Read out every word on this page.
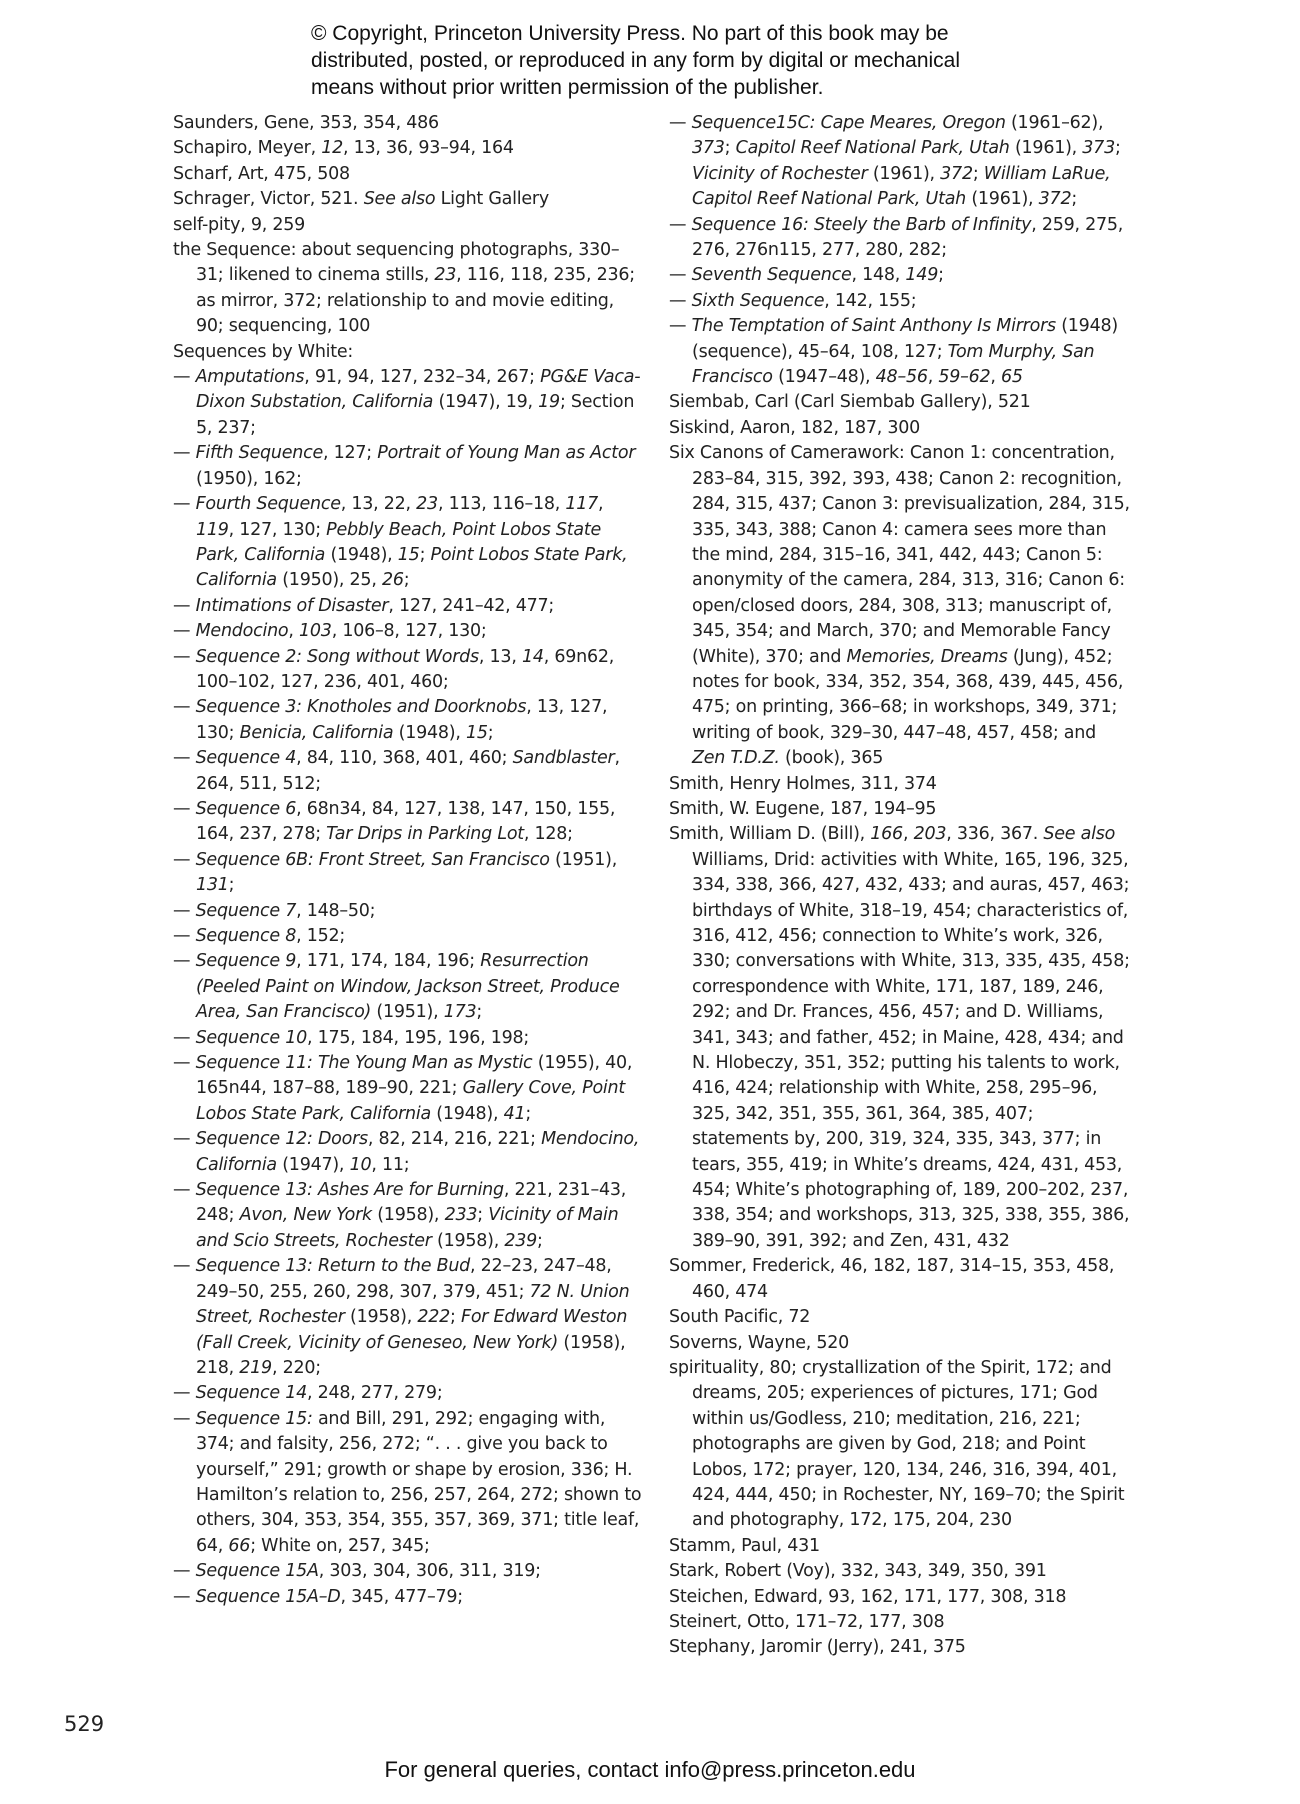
© Copyright, Princeton University Press. No part of this book may be distributed, posted, or reproduced in any form by digital or mechanical means without prior written permission of the publisher.

Saunders, Gene, 353, 354, 486

Schapiro, Meyer, 12, 13, 36, 93–94, 164

Scharf, Art, 475, 508

Schrager, Victor, 521. See also Light Gallery

self-pity, 9, 259

the Sequence: about sequencing photographs, 330–31; likened to cinema stills, 23, 116, 118, 235, 236; as mirror, 372; relationship to and movie editing, 90; sequencing, 100

Sequences by White:

— Amputations, 91, 94, 127, 232–34, 267; PG&E Vaca-Dixon Substation, California (1947), 19, 19; Section 5, 237;

— Fifth Sequence, 127; Portrait of Young Man as Actor (1950), 162;

— Fourth Sequence, 13, 22, 23, 113, 116–18, 117, 119, 127, 130; Pebbly Beach, Point Lobos State Park, California (1948), 15; Point Lobos State Park, California (1950), 25, 26;

— Intimations of Disaster, 127, 241–42, 477;

— Mendocino, 103, 106–8, 127, 130;

— Sequence 2: Song without Words, 13, 14, 69n62, 100–102, 127, 236, 401, 460;

— Sequence 3: Knotholes and Doorknobs, 13, 127, 130; Benicia, California (1948), 15;

— Sequence 4, 84, 110, 368, 401, 460; Sandblaster, 264, 511, 512;

— Sequence 6, 68n34, 84, 127, 138, 147, 150, 155, 164, 237, 278; Tar Drips in Parking Lot, 128;

— Sequence 6B: Front Street, San Francisco (1951), 131;

— Sequence 7, 148–50;

— Sequence 8, 152;

— Sequence 9, 171, 174, 184, 196; Resurrection (Peeled Paint on Window, Jackson Street, Produce Area, San Francisco) (1951), 173;

— Sequence 10, 175, 184, 195, 196, 198;

— Sequence 11: The Young Man as Mystic (1955), 40, 165n44, 187–88, 189–90, 221; Gallery Cove, Point Lobos State Park, California (1948), 41;

— Sequence 12: Doors, 82, 214, 216, 221; Mendocino, California (1947), 10, 11;

— Sequence 13: Ashes Are for Burning, 221, 231–43, 248; Avon, New York (1958), 233; Vicinity of Main and Scio Streets, Rochester (1958), 239;

— Sequence 13: Return to the Bud, 22–23, 247–48, 249–50, 255, 260, 298, 307, 379, 451; 72 N. Union Street, Rochester (1958), 222; For Edward Weston (Fall Creek, Vicinity of Geneseo, New York) (1958), 218, 219, 220;

— Sequence 14, 248, 277, 279;

— Sequence 15: and Bill, 291, 292; engaging with, 374; and falsity, 256, 272; “. . . give you back to yourself,” 291; growth or shape by erosion, 336; H. Hamilton’s relation to, 256, 257, 264, 272; shown to others, 304, 353, 354, 355, 357, 369, 371; title leaf, 64, 66; White on, 257, 345;

— Sequence 15A, 303, 304, 306, 311, 319;

— Sequence 15A–D, 345, 477–79;

— Sequence15C: Cape Meares, Oregon (1961–62), 373; Capitol Reef National Park, Utah (1961), 373; Vicinity of Rochester (1961), 372; William LaRue, Capitol Reef National Park, Utah (1961), 372;

— Sequence 16: Steely the Barb of Infinity, 259, 275, 276, 276n115, 277, 280, 282;

— Seventh Sequence, 148, 149;

— Sixth Sequence, 142, 155;

— The Temptation of Saint Anthony Is Mirrors (1948) (sequence), 45–64, 108, 127; Tom Murphy, San Francisco (1947–48), 48–56, 59–62, 65

Siembab, Carl (Carl Siembab Gallery), 521

Siskind, Aaron, 182, 187, 300

Six Canons of Camerawork: Canon 1: concentration, 283–84, 315, 392, 393, 438; Canon 2: recognition, 284, 315, 437; Canon 3: previsualization, 284, 315, 335, 343, 388; Canon 4: camera sees more than the mind, 284, 315–16, 341, 442, 443; Canon 5: anonymity of the camera, 284, 313, 316; Canon 6: open/closed doors, 284, 308, 313; manuscript of, 345, 354; and March, 370; and Memorable Fancy (White), 370; and Memories, Dreams (Jung), 452; notes for book, 334, 352, 354, 368, 439, 445, 456, 475; on printing, 366–68; in workshops, 349, 371; writing of book, 329–30, 447–48, 457, 458; and Zen T.D.Z. (book), 365

Smith, Henry Holmes, 311, 374

Smith, W. Eugene, 187, 194–95

Smith, William D. (Bill), 166, 203, 336, 367. See also Williams, Drid: activities with White, 165, 196, 325, 334, 338, 366, 427, 432, 433; and auras, 457, 463; birthdays of White, 318–19, 454; characteristics of, 316, 412, 456; connection to White’s work, 326, 330; conversations with White, 313, 335, 435, 458; correspondence with White, 171, 187, 189, 246, 292; and Dr. Frances, 456, 457; and D. Williams, 341, 343; and father, 452; in Maine, 428, 434; and N. Hlobeczy, 351, 352; putting his talents to work, 416, 424; relationship with White, 258, 295–96, 325, 342, 351, 355, 361, 364, 385, 407; statements by, 200, 319, 324, 335, 343, 377; in tears, 355, 419; in White’s dreams, 424, 431, 453, 454; White’s photographing of, 189, 200–202, 237, 338, 354; and workshops, 313, 325, 338, 355, 386, 389–90, 391, 392; and Zen, 431, 432

Sommer, Frederick, 46, 182, 187, 314–15, 353, 458, 460, 474

South Pacific, 72

Soverns, Wayne, 520

spirituality, 80; crystallization of the Spirit, 172; and dreams, 205; experiences of pictures, 171; God within us/Godless, 210; meditation, 216, 221; photographs are given by God, 218; and Point Lobos, 172; prayer, 120, 134, 246, 316, 394, 401, 424, 444, 450; in Rochester, NY, 169–70; the Spirit and photography, 172, 175, 204, 230

Stamm, Paul, 431

Stark, Robert (Voy), 332, 343, 349, 350, 391

Steichen, Edward, 93, 162, 171, 177, 308, 318

Steinert, Otto, 171–72, 177, 308

Stephany, Jaromir (Jerry), 241, 375

529
For general queries, contact info@press.princeton.edu
